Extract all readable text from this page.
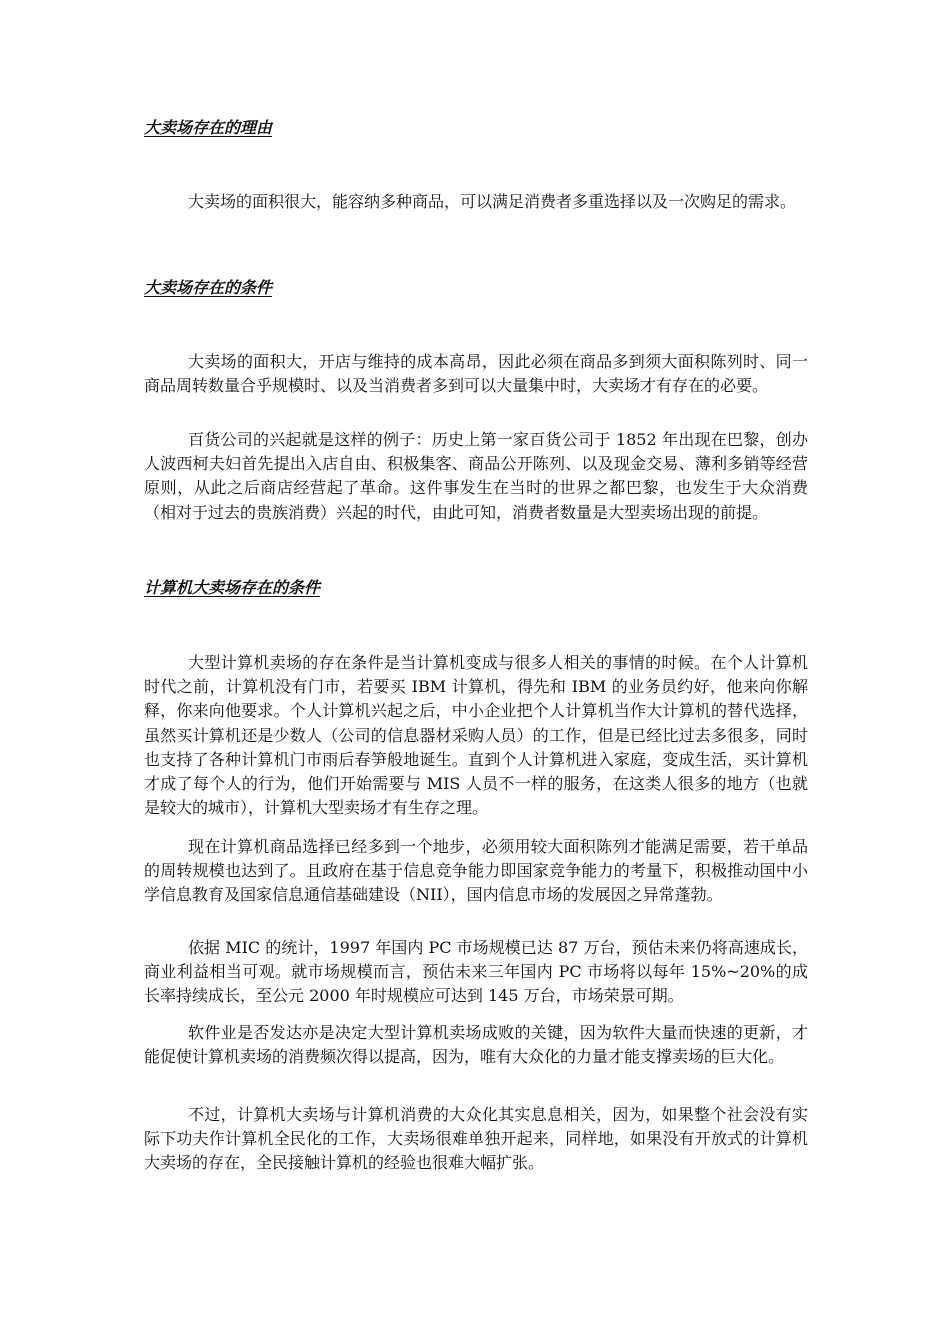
大卖场存在的理由

大卖场的面积很大，能容纳多种商品，可以满足消费者多重选择以及一次购足的需求。

大卖场存在的条件

大卖场的面积大，开店与维持的成本高昂，因此必须在商品多到须大面积陈列时、同一商品周转数量合乎规模时、以及当消费者多到可以大量集中时，大卖场才有存在的必要。

百货公司的兴起就是这样的例子：历史上第一家百货公司于 1852 年出现在巴黎，创办人波西柯夫妇首先提出入店自由、积极集客、商品公开陈列、以及现金交易、薄利多销等经营原则，从此之后商店经营起了革命。这件事发生在当时的世界之都巴黎，也发生于大众消费（相对于过去的贵族消费）兴起的时代，由此可知，消费者数量是大型卖场出现的前提。

计算机大卖场存在的条件

大型计算机卖场的存在条件是当计算机变成与很多人相关的事情的时候。在个人计算机时代之前，计算机没有门市，若要买 IBM 计算机，得先和 IBM 的业务员约好，他来向你解释，你来向他要求。个人计算机兴起之后，中小企业把个人计算机当作大计算机的替代选择，虽然买计算机还是少数人（公司的信息器材采购人员）的工作，但是已经比过去多很多，同时也支持了各种计算机门市雨后春笋般地诞生。直到个人计算机进入家庭，变成生活，买计算机才成了每个人的行为，他们开始需要与 MIS 人员不一样的服务，在这类人很多的地方（也就是较大的城市），计算机大型卖场才有生存之理。

现在计算机商品选择已经多到一个地步，必须用较大面积陈列才能满足需要，若干单品的周转规模也达到了。且政府在基于信息竞争能力即国家竞争能力的考量下，积极推动国中小学信息教育及国家信息通信基础建设（NII），国内信息市场的发展因之异常蓬勃。

依据 MIC 的统计，1997 年国内 PC 市场规模已达 87 万台，预估未来仍将高速成长，商业利益相当可观。就市场规模而言，预估未来三年国内 PC 市场将以每年 15%~20%的成长率持续成长，至公元 2000 年时规模应可达到 145 万台，市场荣景可期。

软件业是否发达亦是决定大型计算机卖场成败的关键，因为软件大量而快速的更新，才能促使计算机卖场的消费频次得以提高，因为，唯有大众化的力量才能支撑卖场的巨大化。

不过，计算机大卖场与计算机消费的大众化其实息息相关，因为，如果整个社会没有实际下功夫作计算机全民化的工作，大卖场很难单独开起来，同样地，如果没有开放式的计算机大卖场的存在，全民接触计算机的经验也很难大幅扩张。
